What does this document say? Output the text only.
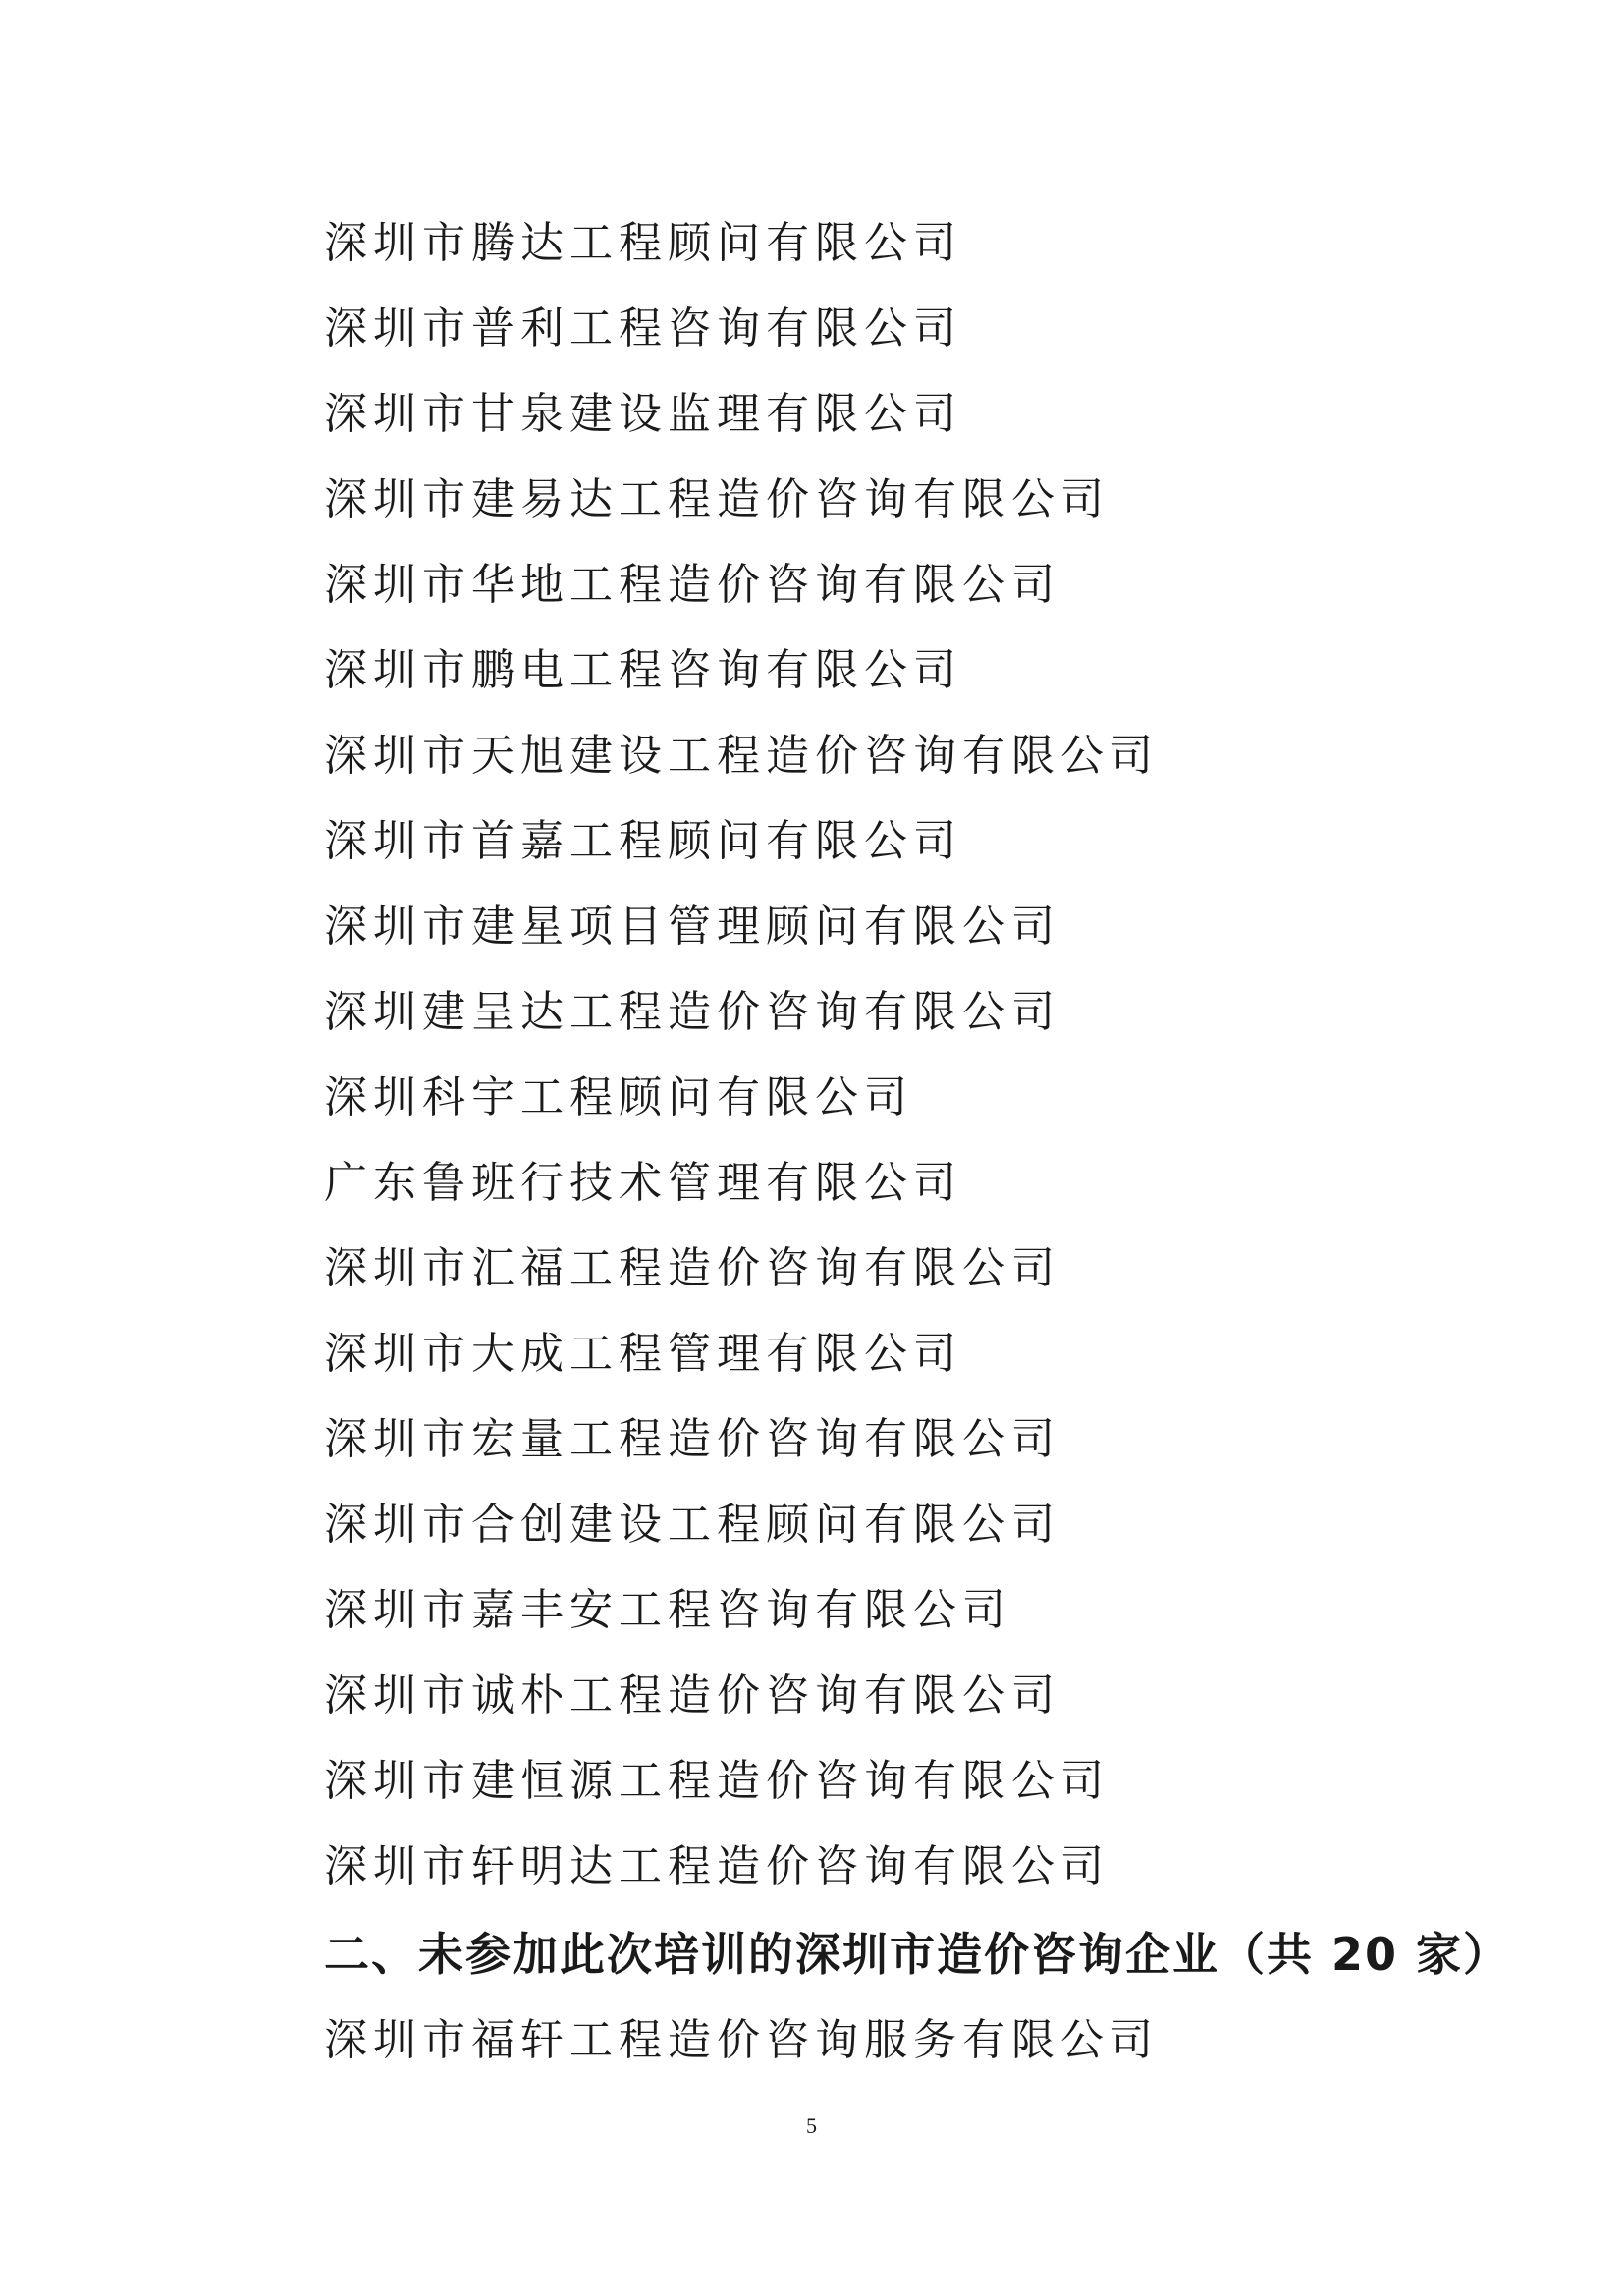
深圳市腾达工程顾问有限公司
深圳市普利工程咨询有限公司
深圳市甘泉建设监理有限公司
深圳市建易达工程造价咨询有限公司
深圳市华地工程造价咨询有限公司
深圳市鹏电工程咨询有限公司
深圳市天旭建设工程造价咨询有限公司
深圳市首嘉工程顾问有限公司
深圳市建星项目管理顾问有限公司
深圳建呈达工程造价咨询有限公司
深圳科宇工程顾问有限公司
广东鲁班行技术管理有限公司
深圳市汇福工程造价咨询有限公司
深圳市大成工程管理有限公司
深圳市宏量工程造价咨询有限公司
深圳市合创建设工程顾问有限公司
深圳市嘉丰安工程咨询有限公司
深圳市诚朴工程造价咨询有限公司
深圳市建恒源工程造价咨询有限公司
深圳市轩明达工程造价咨询有限公司
二、未参加此次培训的深圳市造价咨询企业（共 20 家）
深圳市福轩工程造价咨询服务有限公司
5
